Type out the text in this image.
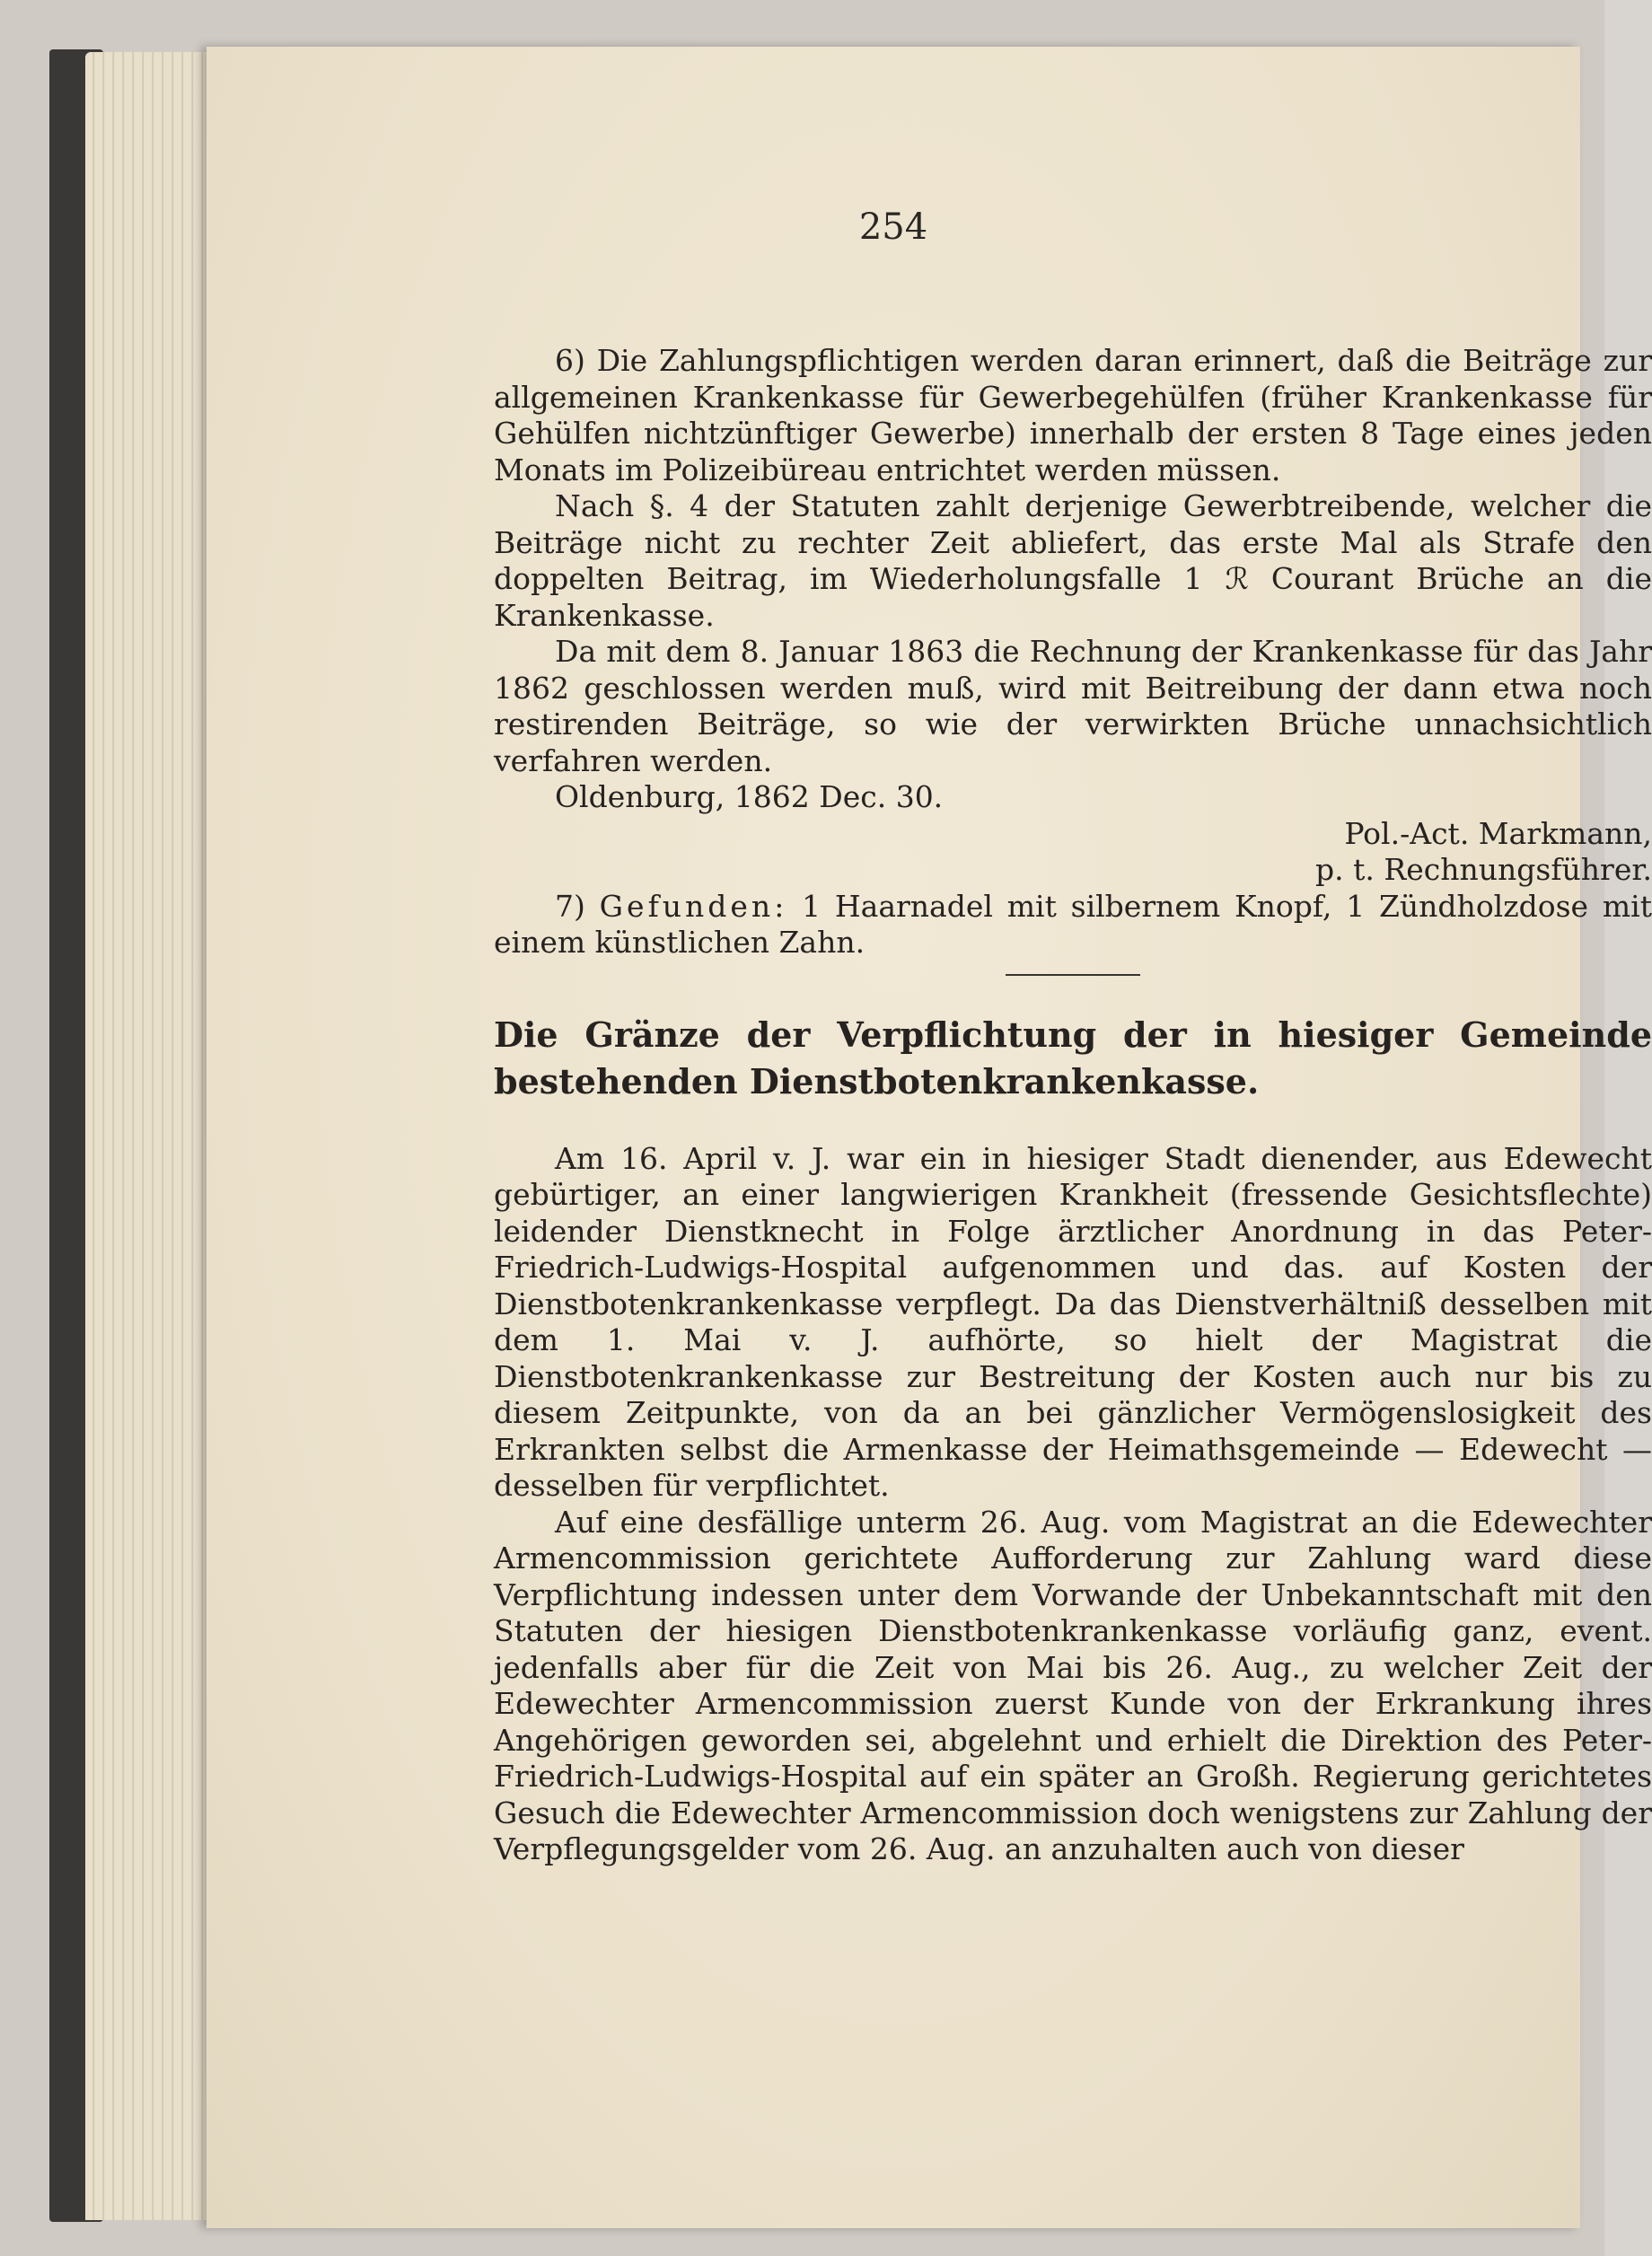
254

6) Die Zahlungspflichtigen werden daran erinnert, daß die Beiträge zur allgemeinen Krankenkasse für Gewerbegehülfen (früher Krankenkasse für Gehülfen nichtzünftiger Gewerbe) innerhalb der ersten 8 Tage eines jeden Monats im Polizeibüreau entrichtet werden müssen.

Nach §. 4 der Statuten zahlt derjenige Gewerbtreibende, welcher die Beiträge nicht zu rechter Zeit abliefert, das erste Mal als Strafe den doppelten Beitrag, im Wiederholungsfalle 1 ℛ Courant Brüche an die Krankenkasse.

Da mit dem 8. Januar 1863 die Rechnung der Krankenkasse für das Jahr 1862 geschlossen werden muß, wird mit Beitreibung der dann etwa noch restirenden Beiträge, so wie der verwirkten Brüche unnachsichtlich verfahren werden.

Oldenburg, 1862 Dec. 30.

Pol.-Act. Markmann,

p. t. Rechnungsführer.

7) Gefunden: 1 Haarnadel mit silbernem Knopf, 1 Zündholzdose mit einem künstlichen Zahn.

Die Gränze der Verpflichtung der in hiesiger Gemeinde bestehenden Dienstbotenkrankenkasse.

Am 16. April v. J. war ein in hiesiger Stadt dienender, aus Edewecht gebürtiger, an einer langwierigen Krankheit (fressende Gesichtsflechte) leidender Dienstknecht in Folge ärztlicher Anordnung in das Peter-Friedrich-Ludwigs-Hospital aufgenommen und das. auf Kosten der Dienstbotenkrankenkasse verpflegt. Da das Dienstverhältniß desselben mit dem 1. Mai v. J. aufhörte, so hielt der Magistrat die Dienstbotenkrankenkasse zur Bestreitung der Kosten auch nur bis zu diesem Zeitpunkte, von da an bei gänzlicher Vermögenslosigkeit des Erkrankten selbst die Armenkasse der Heimathsgemeinde — Edewecht — desselben für verpflichtet.

Auf eine desfällige unterm 26. Aug. vom Magistrat an die Edewechter Armencommission gerichtete Aufforderung zur Zahlung ward diese Verpflichtung indessen unter dem Vorwande der Unbekanntschaft mit den Statuten der hiesigen Dienstbotenkrankenkasse vorläufig ganz, event. jedenfalls aber für die Zeit von Mai bis 26. Aug., zu welcher Zeit der Edewechter Armencommission zuerst Kunde von der Erkrankung ihres Angehörigen geworden sei, abgelehnt und erhielt die Direktion des Peter-Friedrich-Ludwigs-Hospital auf ein später an Großh. Regierung gerichtetes Gesuch die Edewechter Armencommission doch wenigstens zur Zahlung der Verpflegungsgelder vom 26. Aug. an anzuhalten auch von dieser
